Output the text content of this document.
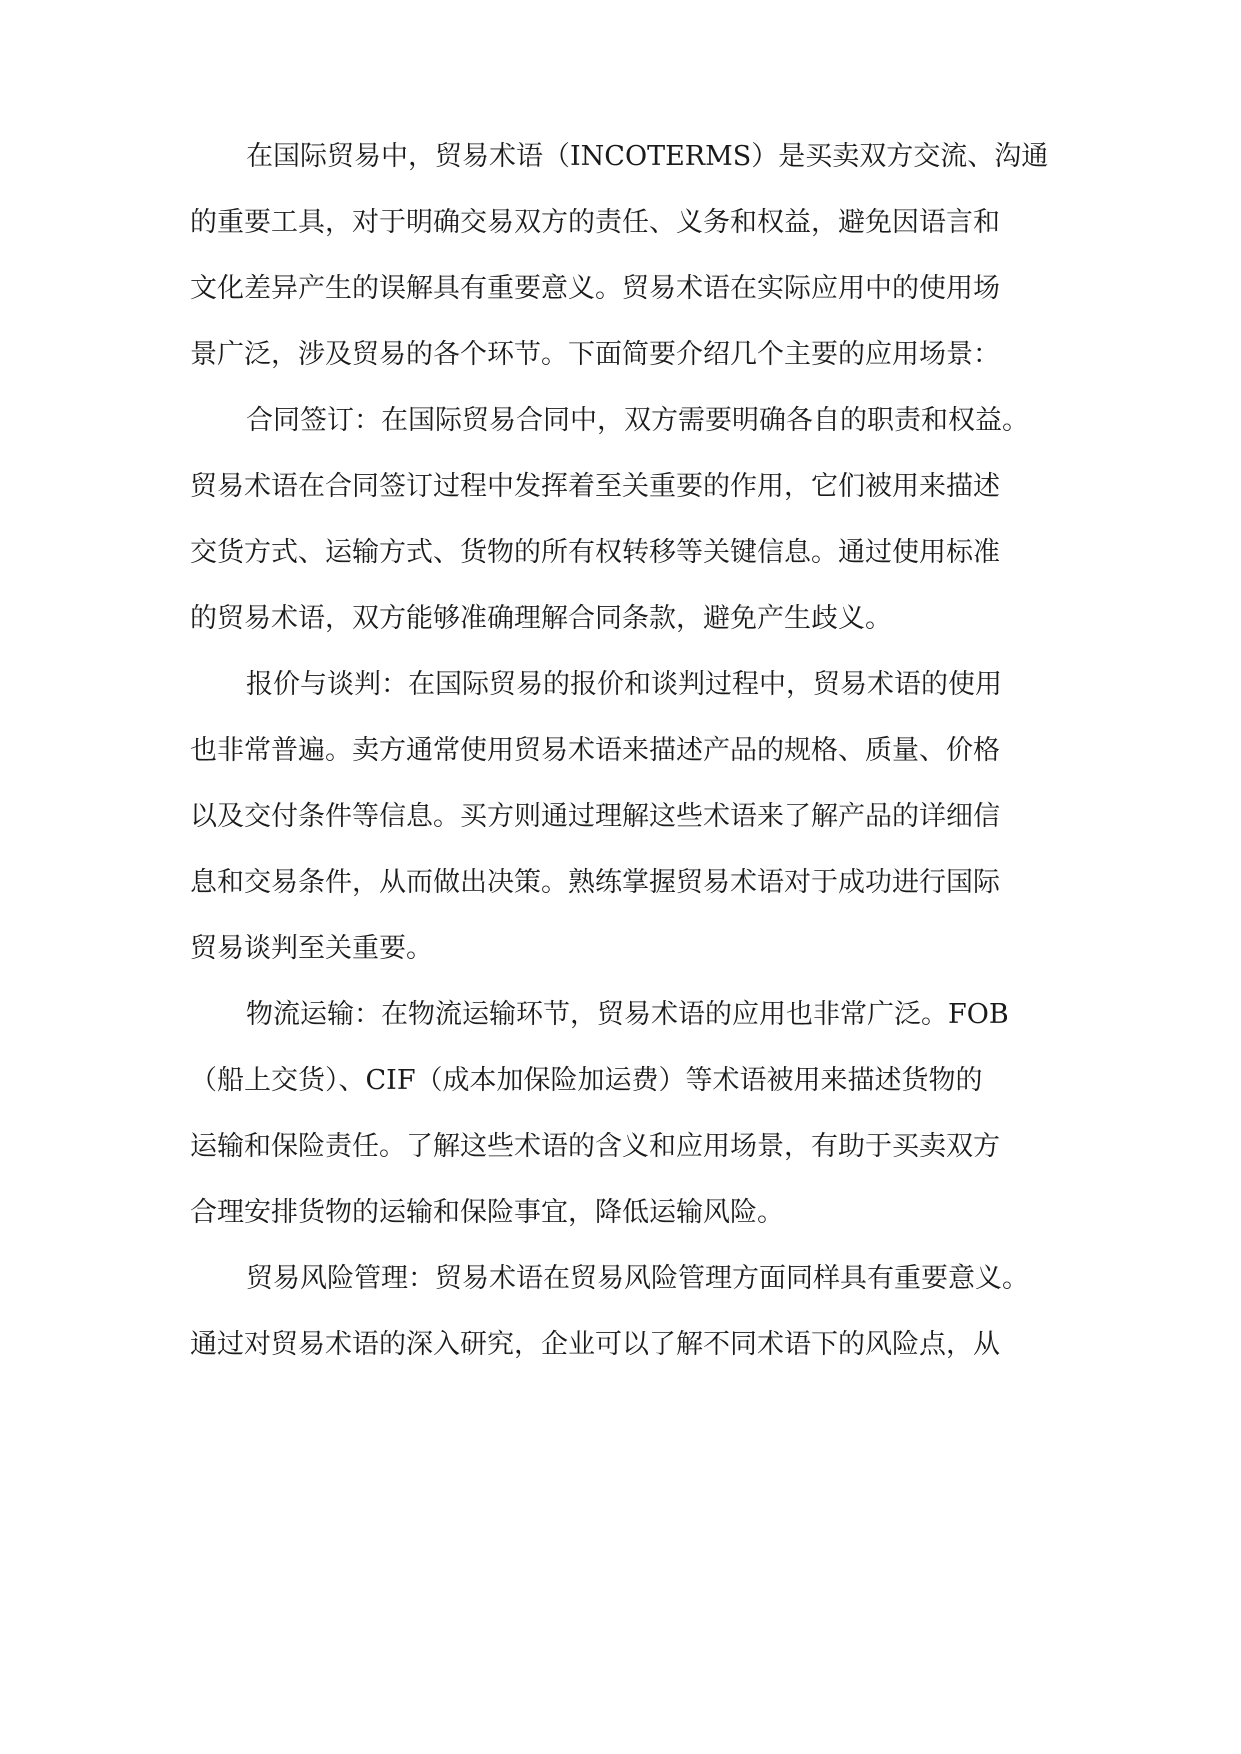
在国际贸易中，贸易术语（INCOTERMS）是买卖双方交流、沟通
的重要工具，对于明确交易双方的责任、义务和权益，避免因语言和
文化差异产生的误解具有重要意义。贸易术语在实际应用中的使用场
景广泛，涉及贸易的各个环节。下面简要介绍几个主要的应用场景：
合同签订：在国际贸易合同中，双方需要明确各自的职责和权益。
贸易术语在合同签订过程中发挥着至关重要的作用，它们被用来描述
交货方式、运输方式、货物的所有权转移等关键信息。通过使用标准
的贸易术语，双方能够准确理解合同条款，避免产生歧义。
报价与谈判：在国际贸易的报价和谈判过程中，贸易术语的使用
也非常普遍。卖方通常使用贸易术语来描述产品的规格、质量、价格
以及交付条件等信息。买方则通过理解这些术语来了解产品的详细信
息和交易条件，从而做出决策。熟练掌握贸易术语对于成功进行国际
贸易谈判至关重要。
物流运输：在物流运输环节，贸易术语的应用也非常广泛。FOB
（船上交货）、CIF（成本加保险加运费）等术语被用来描述货物的
运输和保险责任。了解这些术语的含义和应用场景，有助于买卖双方
合理安排货物的运输和保险事宜，降低运输风险。
贸易风险管理：贸易术语在贸易风险管理方面同样具有重要意义。
通过对贸易术语的深入研究，企业可以了解不同术语下的风险点，从
